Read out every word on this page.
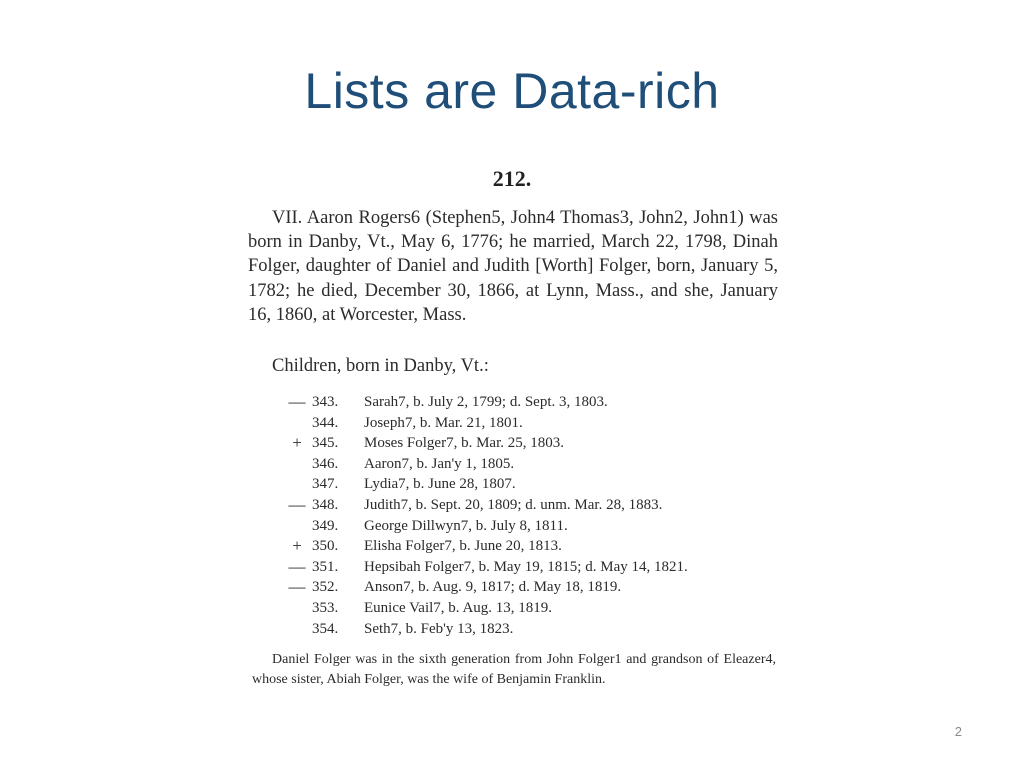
Lists are Data-rich
212.

VII. Aaron Rogers6 (Stephen5, John4 Thomas3, John2, John1) was born in Danby, Vt., May 6, 1776; he married, March 22, 1798, Dinah Folger, daughter of Daniel and Judith [Worth] Folger, born, January 5, 1782; he died, December 30, 1866, at Lynn, Mass., and she, January 16, 1860, at Worcester, Mass.

Children, born in Danby, Vt.:
— 343.	Sarah7, b. July 2, 1799; d. Sept. 3, 1803.
344.	Joseph7, b. Mar. 21, 1801.
+ 345.	Moses Folger7, b. Mar. 25, 1803.
346.	Aaron7, b. Jan'y 1, 1805.
347.	Lydia7, b. June 28, 1807.
— 348.	Judith7, b. Sept. 20, 1809; d. unm. Mar. 28, 1883.
349.	George Dillwyn7, b. July 8, 1811.
+ 350.	Elisha Folger7, b. June 20, 1813.
— 351.	Hepsibah Folger7, b. May 19, 1815; d. May 14, 1821.
— 352.	Anson7, b. Aug. 9, 1817; d. May 18, 1819.
353.	Eunice Vail7, b. Aug. 13, 1819.
354.	Seth7, b. Feb'y 13, 1823.

Daniel Folger was in the sixth generation from John Folger1 and grandson of Eleazer4, whose sister, Abiah Folger, was the wife of Benjamin Franklin.

2
